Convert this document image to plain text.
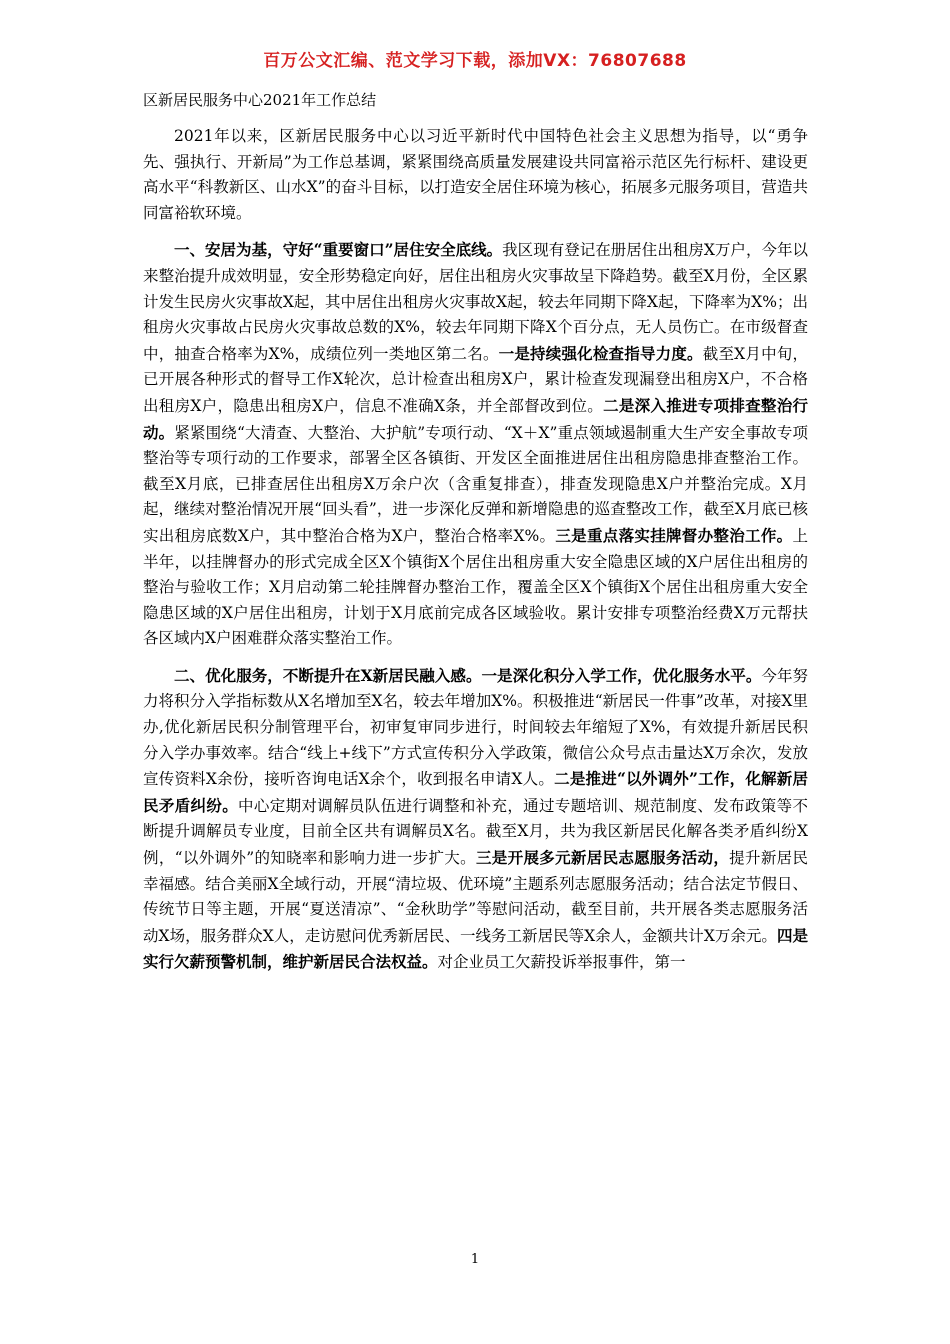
百万公文汇编、范文学习下载，添加VX：76807688
区新居民服务中心2021年工作总结

2021年以来，区新居民服务中心以习近平新时代中国特色社会主义思想为指导，以“勇争先、强执行、开新局”为工作总基调，紧紧围绕高质量发展建设共同富裕示范区先行标杆、建设更高水平“科教新区、山水X”的奋斗目标，以打造安全居住环境为核心，拓展多元服务项目，营造共同富裕软环境。

一、安居为基，守好“重要窗口”居住安全底线。我区现有登记在册居住出租房X万户，今年以来整治提升成效明显，安全形势稳定向好，居住出租房火灾事故呈下降趋势。截至X月份，全区累计发生民房火灾事故X起，其中居住出租房火灾事故X起，较去年同期下降X起，下降率为X%；出租房火灾事故占民房火灾事故总数的X%，较去年同期下降X个百分点，无人员伤亡。在市级督查中，抽查合格率为X%，成绩位列一类地区第二名。一是持续强化检查指导力度。截至X月中旬，已开展各种形式的督导工作X轮次，总计检查出租房X户，累计检查发现漏登出租房X户，不合格出租房X户，隐患出租房X户，信息不准确X条，并全部督改到位。二是深入推进专项排查整治行动。紧紧围绕“大清查、大整治、大护航”专项行动、“X＋X”重点领域遏制重大生产安全事故专项整治等专项行动的工作要求，部署全区各镇街、开发区全面推进居住出租房隐患排查整治工作。截至X月底，已排查居住出租房X万余户次（含重复排查），排查发现隐患X户并整治完成。X月起，继续对整治情况开展“回头看”，进一步深化反弹和新增隐患的巡查整改工作，截至X月底已核实出租房底数X户，其中整治合格为X户，整治合格率X%。三是重点落实挂牌督办整治工作。上半年，以挂牌督办的形式完成全区X个镇街X个居住出租房重大安全隐患区域的X户居住出租房的整治与验收工作；X月启动第二轮挂牌督办整治工作，覆盖全区X个镇街X个居住出租房重大安全隐患区域的X户居住出租房，计划于X月底前完成各区域验收。累计安排专项整治经费X万元帮扶各区域内X户困难群众落实整治工作。

二、优化服务，不断提升在X新居民融入感。一是深化积分入学工作，优化服务水平。今年努力将积分入学指标数从X名增加至X名，较去年增加X%。积极推进“新居民一件事”改革，对接X里办,优化新居民积分制管理平台，初审复审同步进行，时间较去年缩短了X%，有效提升新居民积分入学办事效率。结合“线上+线下”方式宣传积分入学政策，微信公众号点击量达X万余次，发放宣传资料X余份，接听咨询电话X余个，收到报名申请X人。二是推进“以外调外”工作，化解新居民矛盾纠纷。中心定期对调解员队伍进行调整和补充，通过专题培训、规范制度、发布政策等不断提升调解员专业度，目前全区共有调解员X名。截至X月，共为我区新居民化解各类矛盾纠纷X例，“以外调外”的知晓率和影响力进一步扩大。三是开展多元新居民志愿服务活动，提升新居民幸福感。结合美丽X全域行动，开展“清垃圾、优环境”主题系列志愿服务活动；结合法定节假日、传统节日等主题，开展“夏送清凉”、“金秋助学”等慰问活动，截至目前，共开展各类志愿服务活动X场，服务群众X人，走访慰问优秀新居民、一线务工新居民等X余人，金额共计X万余元。四是实行欠薪预警机制，维护新居民合法权益。对企业员工欠薪投诉举报事件，第一

1
